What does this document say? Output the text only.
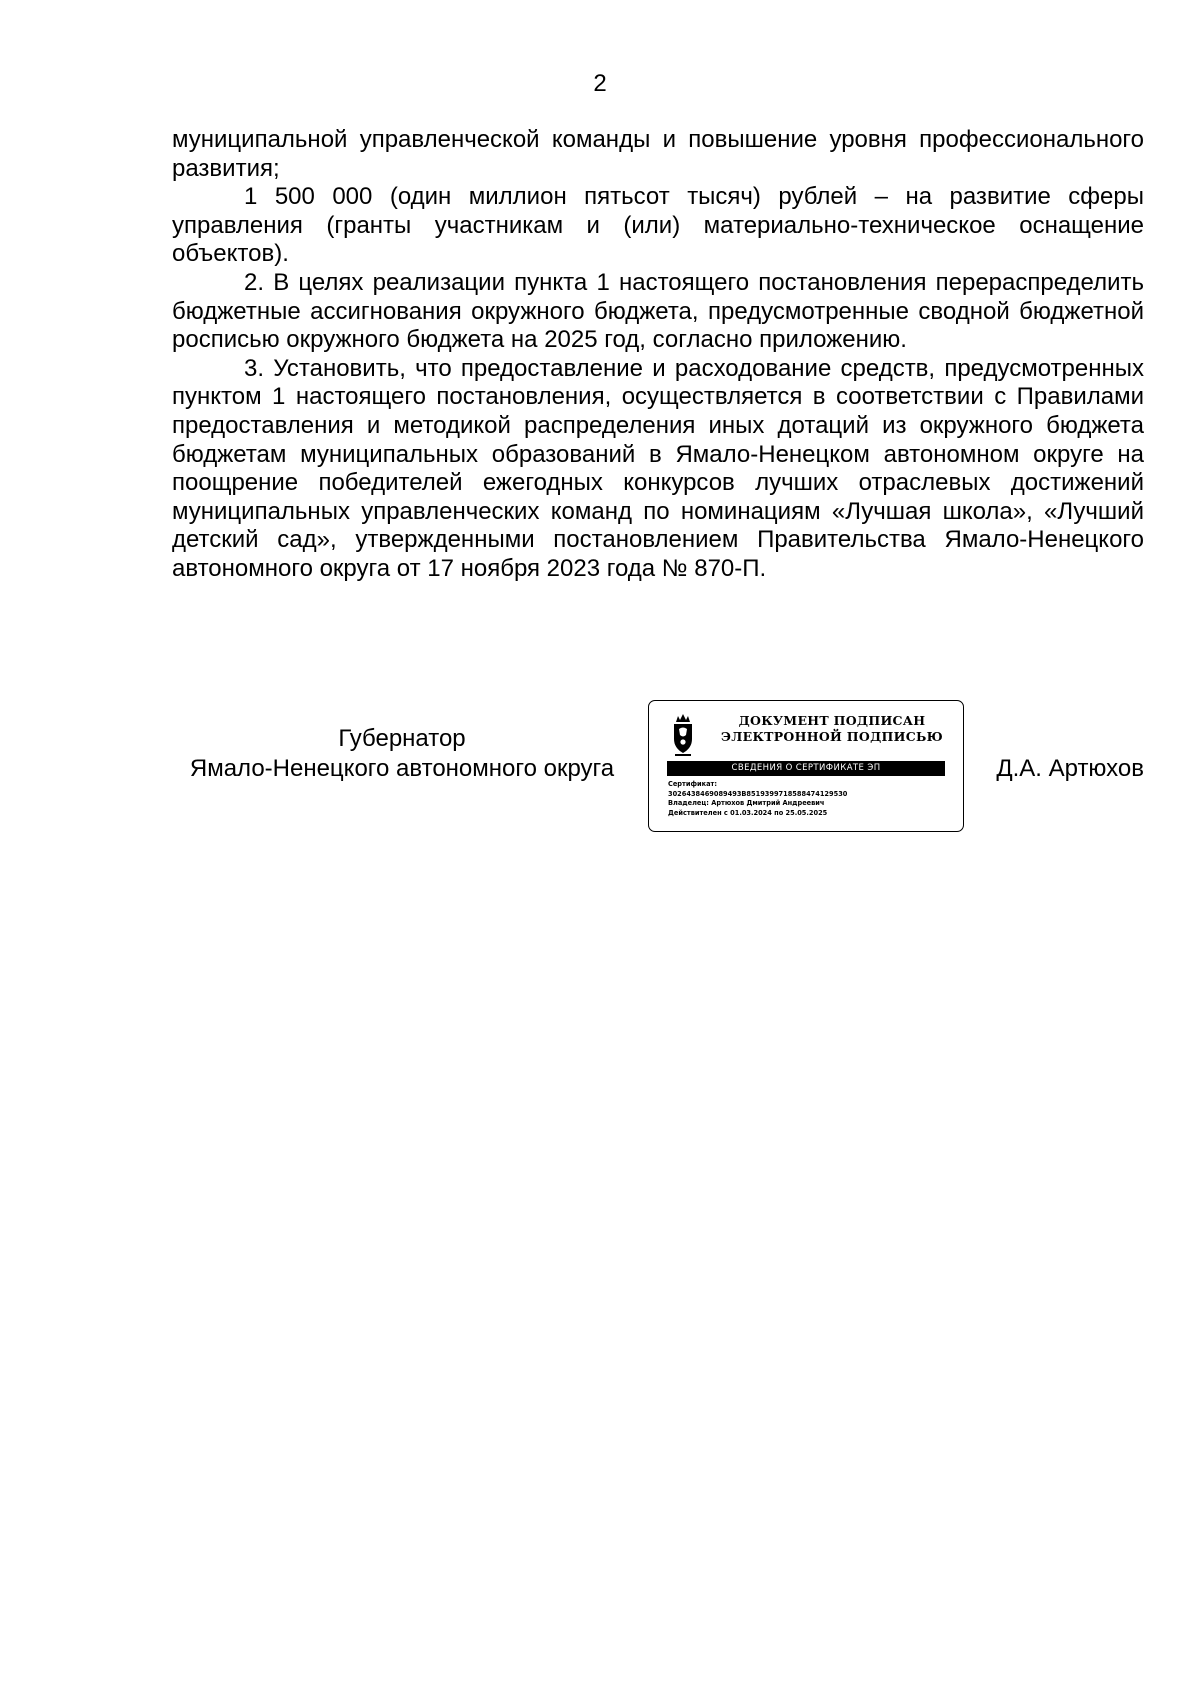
2

муниципальной управленческой команды и повышение уровня профессионального развития;

1 500 000 (один миллион пятьсот тысяч) рублей – на развитие сферы управления (гранты участникам и (или) материально-техническое оснащение объектов).

2. В целях реализации пункта 1 настоящего постановления перераспределить бюджетные ассигнования окружного бюджета, предусмотренные сводной бюджетной росписью окружного бюджета на 2025 год, согласно приложению.

3. Установить, что предоставление и расходование средств, предусмотренных пунктом 1 настоящего постановления, осуществляется в соответствии с Правилами предоставления и методикой распределения иных дотаций из окружного бюджета бюджетам муниципальных образований в Ямало-Ненецком автономном округе на поощрение победителей ежегодных конкурсов лучших отраслевых достижений муниципальных управленческих команд по номинациям «Лучшая школа», «Лучший детский сад», утвержденными постановлением Правительства Ямало-Ненецкого автономного округа от 17 ноября 2023 года № 870-П.

Губернатор
Ямало-Ненецкого автономного округа
ДОКУМЕНТ ПОДПИСАН
ЭЛЕКТРОННОЙ ПОДПИСЬЮ
СВЕДЕНИЯ О СЕРТИФИКАТЕ ЭП
Сертификат:
3026438469089493B8519399718588474129530
Владелец: Артюхов Дмитрий Андреевич
Действителен с 01.03.2024 по 25.05.2025
Д.А. Артюхов
